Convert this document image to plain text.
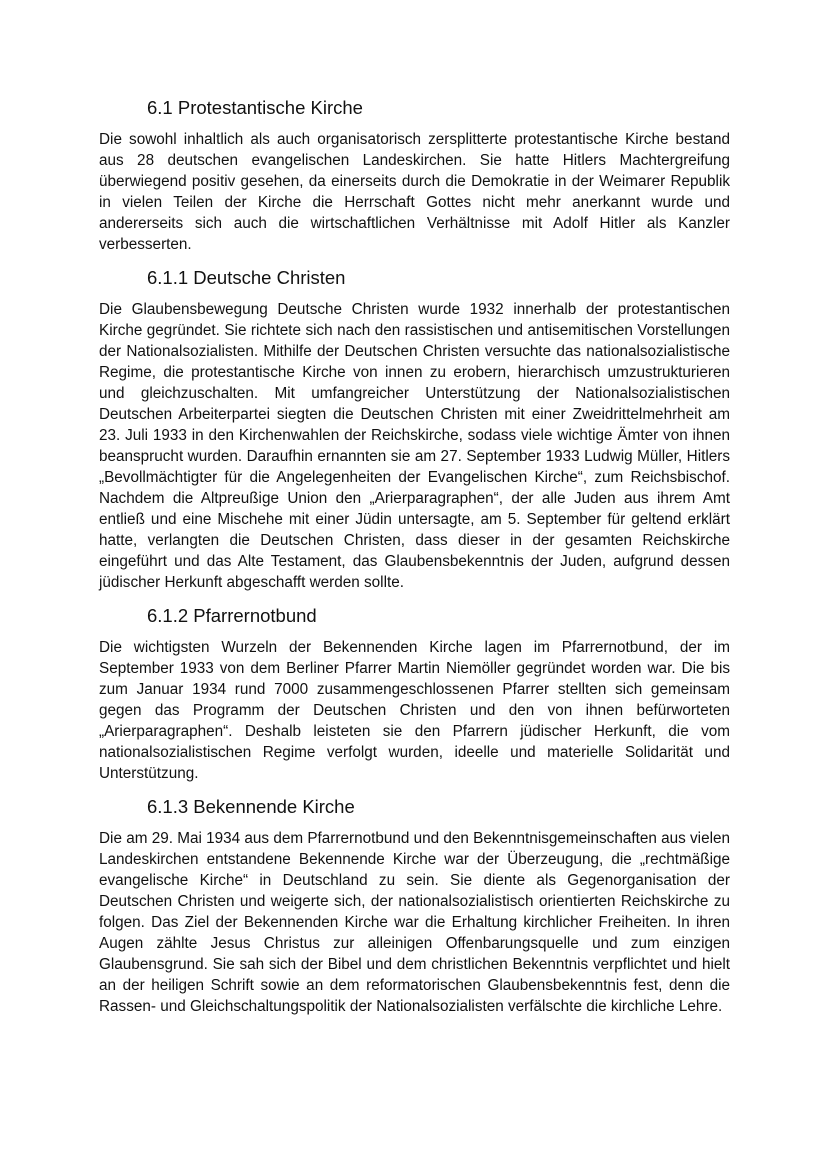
6.1 Protestantische Kirche

Die sowohl inhaltlich als auch organisatorisch zersplitterte protestantische Kirche bestand aus 28 deutschen evangelischen Landeskirchen. Sie hatte Hitlers Machtergreifung überwiegend positiv gesehen, da einerseits durch die Demokratie in der Weimarer Republik in vielen Teilen der Kirche die Herrschaft Gottes nicht mehr anerkannt wurde und andererseits sich auch die wirtschaftlichen Verhältnisse mit Adolf Hitler als Kanzler verbesserten.

6.1.1 Deutsche Christen

Die Glaubensbewegung Deutsche Christen wurde 1932 innerhalb der protestantischen Kirche gegründet. Sie richtete sich nach den rassistischen und antisemitischen Vorstellungen der Nationalsozialisten. Mithilfe der Deutschen Christen versuchte das nationalsozialistische Regime, die protestantische Kirche von innen zu erobern, hierarchisch umzustrukturieren und gleichzuschalten. Mit umfangreicher Unterstützung der Nationalsozialistischen Deutschen Arbeiterpartei siegten die Deutschen Christen mit einer Zweidrittelmehrheit am 23. Juli 1933 in den Kirchenwahlen der Reichskirche, sodass viele wichtige Ämter von ihnen beansprucht wurden. Daraufhin ernannten sie am 27. September 1933 Ludwig Müller, Hitlers „Bevollmächtigter für die Angelegenheiten der Evangelischen Kirche“, zum Reichsbischof. Nachdem die Altpreußige Union den „Arierparagraphen“, der alle Juden aus ihrem Amt entließ und eine Mischehe mit einer Jüdin untersagte, am 5. September für geltend erklärt hatte, verlangten die Deutschen Christen, dass dieser in der gesamten Reichskirche eingeführt und das Alte Testament, das Glaubensbekenntnis der Juden, aufgrund dessen jüdischer Herkunft abgeschafft werden sollte.

6.1.2 Pfarrernotbund

Die wichtigsten Wurzeln der Bekennenden Kirche lagen im Pfarrernotbund, der im September 1933 von dem Berliner Pfarrer Martin Niemöller gegründet worden war. Die bis zum Januar 1934 rund 7000 zusammengeschlossenen Pfarrer stellten sich gemeinsam gegen das Programm der Deutschen Christen und den von ihnen befürworteten „Arierparagraphen“. Deshalb leisteten sie den Pfarrern jüdischer Herkunft, die vom nationalsozialistischen Regime verfolgt wurden, ideelle und materielle Solidarität und Unterstützung.

6.1.3 Bekennende Kirche

Die am 29. Mai 1934 aus dem Pfarrernotbund und den Bekenntnisgemeinschaften aus vielen Landeskirchen entstandene Bekennende Kirche war der Überzeugung, die „rechtmäßige evangelische Kirche“ in Deutschland zu sein. Sie diente als Gegenorganisation der Deutschen Christen und weigerte sich, der nationalsozialistisch orientierten Reichskirche zu folgen. Das Ziel der Bekennenden Kirche war die Erhaltung kirchlicher Freiheiten. In ihren Augen zählte Jesus Christus zur alleinigen Offenbarungsquelle und zum einzigen Glaubensgrund. Sie sah sich der Bibel und dem christlichen Bekenntnis verpflichtet und hielt an der heiligen Schrift sowie an dem reformatorischen Glaubensbekenntnis fest, denn die Rassen- und Gleichschaltungspolitik der Nationalsozialisten verfälschte die kirchliche Lehre.
